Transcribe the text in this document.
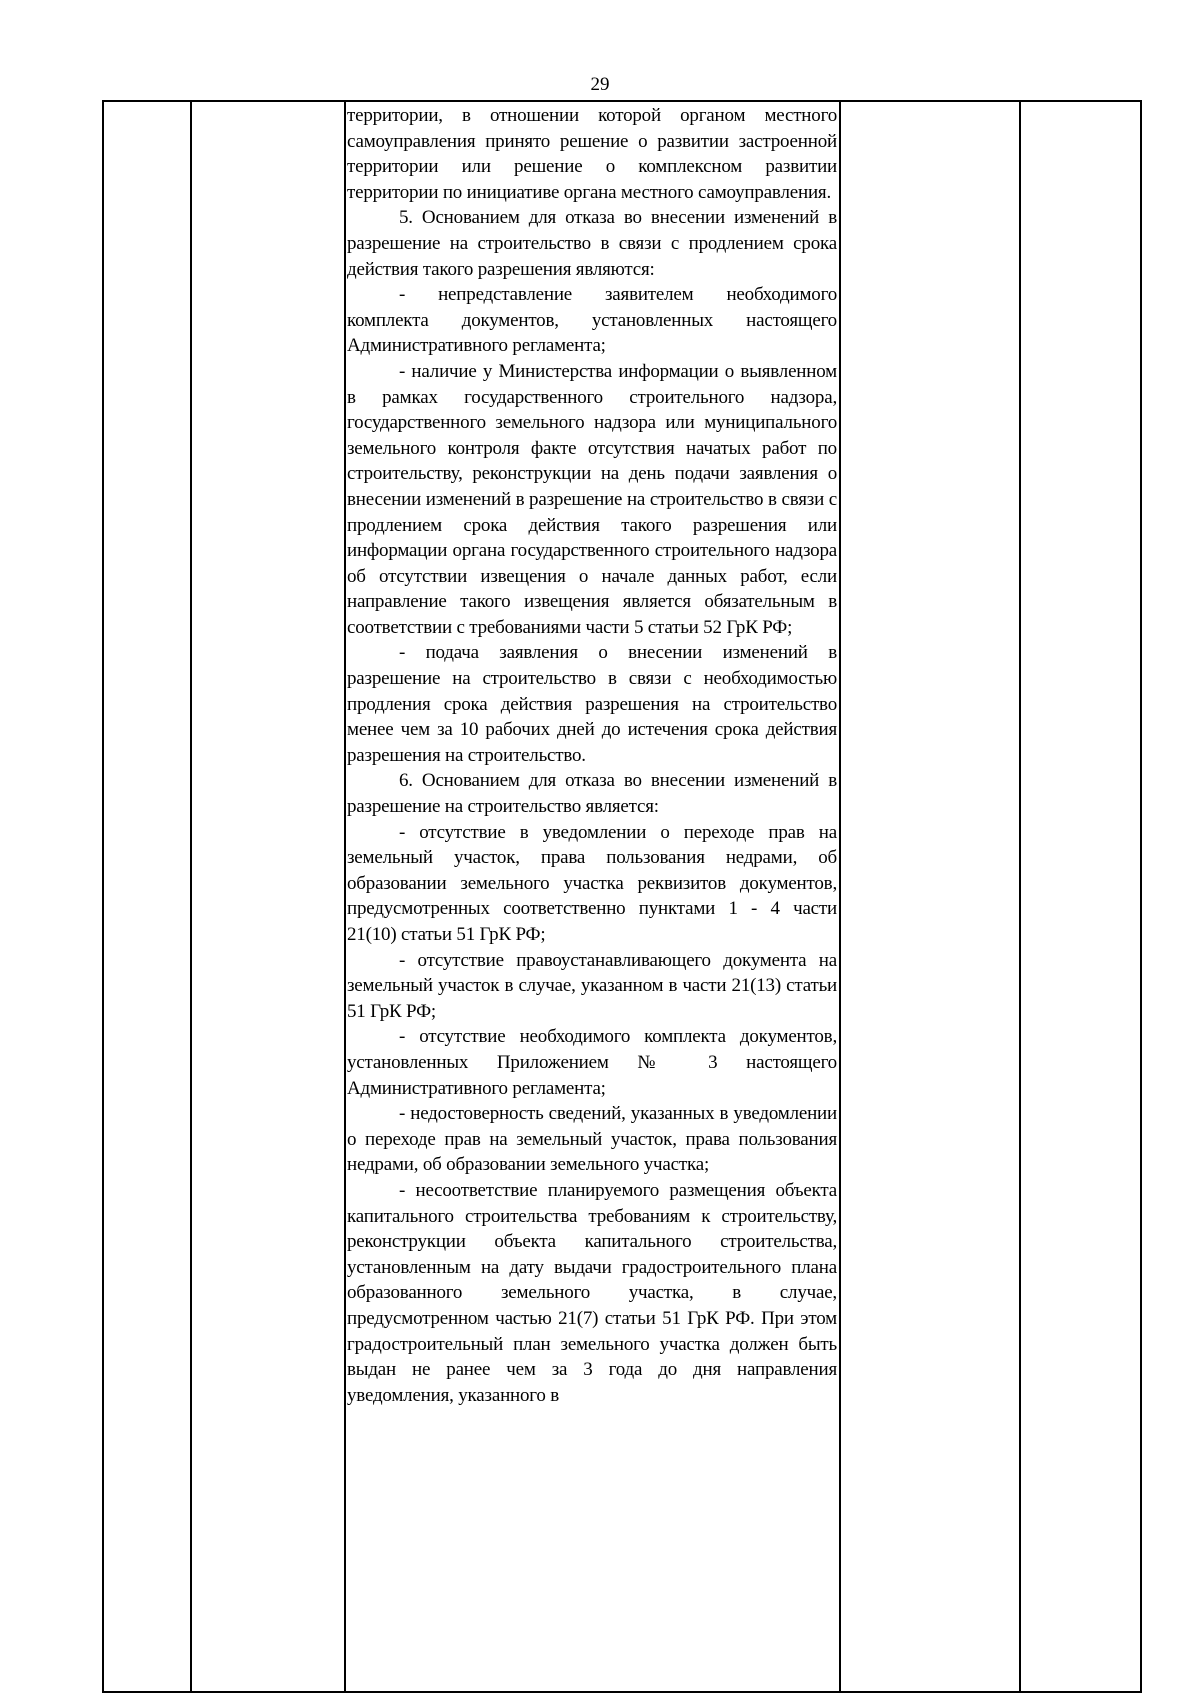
29

территории, в отношении которой органом местного самоуправления принято решение о развитии застроенной территории или решение о комплексном развитии территории по инициативе органа местного самоуправления.

5. Основанием для отказа во внесении изменений в разрешение на строительство в связи с продлением срока действия такого разрешения являются:

- непредставление заявителем необходимого комплекта документов, установленных настоящего Административного регламента;

- наличие у Министерства информации о выявленном в рамках государственного строительного надзора, государственного земельного надзора или муниципального земельного контроля факте отсутствия начатых работ по строительству, реконструкции на день подачи заявления о внесении изменений в разрешение на строительство в связи с продлением срока действия такого разрешения или информации органа государственного строительного надзора об отсутствии извещения о начале данных работ, если направление такого извещения является обязательным в соответствии с требованиями части 5 статьи 52 ГрК РФ;

- подача заявления о внесении изменений в разрешение на строительство в связи с необходимостью продления срока действия разрешения на строительство менее чем за 10 рабочих дней до истечения срока действия разрешения на строительство.

6. Основанием для отказа во внесении изменений в разрешение на строительство является:

- отсутствие в уведомлении о переходе прав на земельный участок, права пользования недрами, об образовании земельного участка реквизитов документов, предусмотренных соответственно пунктами 1 - 4 части 21(10) статьи 51 ГрК РФ;

- отсутствие правоустанавливающего документа на земельный участок в случае, указанном в части 21(13) статьи 51 ГрК РФ;

- отсутствие необходимого комплекта документов, установленных Приложением № 3 настоящего Административного регламента;

- недостоверность сведений, указанных в уведомлении о переходе прав на земельный участок, права пользования недрами, об образовании земельного участка;

- несоответствие планируемого размещения объекта капитального строительства требованиям к строительству, реконструкции объекта капитального строительства, установленным на дату выдачи градостроительного плана образованного земельного участка, в случае, предусмотренном частью 21(7) статьи 51 ГрК РФ. При этом градостроительный план земельного участка должен быть выдан не ранее чем за 3 года до дня направления уведомления, указанного в
